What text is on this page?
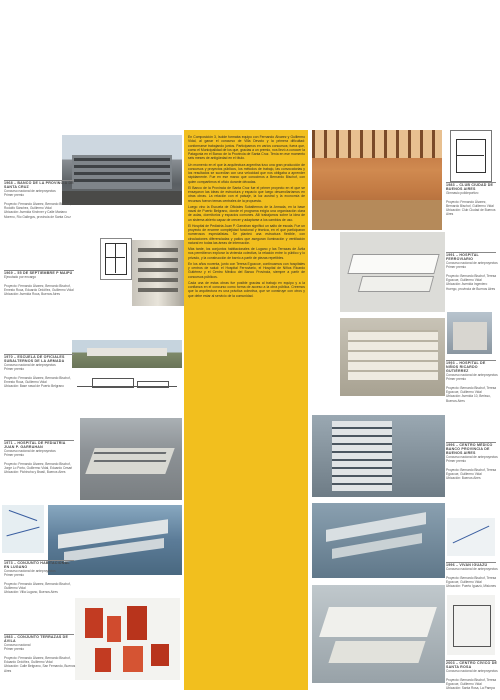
En Composición 3, Isolde formaba equipo con Fernando Álvarez y Guillermo Vidal, al ganar el concurso de Villa Devoto y la primera dificultad: conformarse trabajando juntos. Participamos en varios concursos; fuera que, como el Municipalidad de los que, gracias a un premio, nos llevó a conocer la Patagonia en el Banco de la Provincia de Santa Cruz. Tenía en ese momento seis meses de antigüedad en el título.

Un momento en el que la arquitectura argentina tuvo una gran producción de concursos y proyectos públicos, los métodos de trabajo, las convocatorias y los resultados se sucedían con una velocidad que nos obligaba a aprender rápidamente. Fue en ese marco que conocimos a Bernardo Bischof, con quien compartimos el oficio durante décadas.

El Banco de la Provincia de Santa Cruz fue el primer proyecto en el que se ensayaron las ideas de estructura y espacio que luego desarrollaríamos en otras obras. La relación con el paisaje, la luz austral y la economía de recursos fueron temas centrales de la propuesta.

Luego vino la Escuela de Oficiales Subalternos de la Armada, en la base naval de Puerto Belgrano, donde el programa exigía una organización clara de aulas, dormitorios y espacios comunes. Allí trabajamos sobre la idea de un sistema abierto capaz de crecer y adaptarse a los cambios de uso.

El Hospital de Pediatría Juan P. Garrahan significó un salto de escala. Fue un proyecto de enorme complejidad funcional y técnica, en el que participaron numerosos especialistas. Se planteó una estructura flexible, con circulaciones diferenciadas y patios que aseguran iluminación y ventilación natural en todas las áreas de internación.

Más tarde, los conjuntos habitacionales de Lugano y las Terrazas de Ávila nos permitieron explorar la vivienda colectiva, la relación entre lo público y lo privado, y la construcción de barrio a partir de piezas repetibles.

En los años noventa, junto con Teresa Egozcue, continuamos con hospitales y centros de salud: el Hospital Ferroviario, el Hospital de Niños Ricardo Gutiérrez y el Centro Médico del Banco Provincia, siempre a partir de concursos públicos.

Cada una de estas obras fue posible gracias al trabajo en equipo y a la confianza en el concurso como forma de acceso a la obra pública. Creemos que la arquitectura es una práctica colectiva, que se construye con otros y que debe estar al servicio de la comunidad.

1968 – BANCO DE LA PROVINCIA DE SANTA CRUZ
Concurso nacional de anteproyectos
Primer premio

Proyecto: Fernando Álvarez, Bernardo Bischof, Rodolfo Sánchez, Guillermo Vidal
Ubicación: Avenida Kirchner y Calle Mariano Moreno, Río Gallegos, provincia de Santa Cruz
1969 – 55 DE SEPTIEMBRE P MAIPÚ
Ejecutado por encargo

Proyecto: Fernando Álvarez, Bernardo Bischof, Ernesto Roca, Eduardo Ordóñez, Guillermo Vidal
Ubicación: Avenida Roca, Buenos Aires
1970 – ESCUELA DE OFICIALES SUBALTERNOS DE LA ARMADA
Concurso nacional de anteproyectos
Primer premio

Proyecto: Fernando Álvarez, Bernardo Bischof, Ernesto Roca, Guillermo Vidal
Ubicación: Base naval de Puerto Belgrano
1971 – HOSPITAL DE PEDIATRÍA JUAN P. GARRAHAN
Concurso nacional de anteproyectos
Primer premio

Proyecto: Fernando Álvarez, Bernardo Bischof, Jorge Lo Porto, Guillermo Vidal, Eduardo Cesari
Ubicación: Pichincha y Brasil, Buenos Aires
1973 – CONJUNTO HABITACIONAL EN LUGANO
Concurso nacional de anteproyectos
Primer premio

Proyecto: Fernando Álvarez, Bernardo Bischof, Guillermo Vidal
Ubicación: Villa Lugano, Buenos Aires
1983 – CONJUNTO TERRAZAS DE ÁVILA
Concurso nacional
Primer premio

Proyecto: Fernando Álvarez, Bernardo Bischof, Eduardo Ordóñez, Guillermo Vidal
Ubicación: Calle Belgrano, San Fernando, Buenos Aires
1983 – CLUB CIUDAD DE BUENOS AIRES
Gimnasio polideportivo

Proyecto: Fernando Álvarez, Bernardo Bischof, Guillermo Vidal
Ubicación: Club Ciudad de Buenos Aires
1991 – HOSPITAL FERROVIARIO
Concurso nacional de anteproyectos
Primer premio

Proyecto: Bernardo Bischof, Teresa Egozcue, Guillermo Vidal
Ubicación: Avenida Ingeniero Huergo, provincia de Buenos Aires
1993 – HOSPITAL DE NIÑOS RICARDO GUTIÉRREZ
Concurso nacional de anteproyectos
Primer premio

Proyecto: Bernardo Bischof, Teresa Egozcue, Guillermo Vidal
Ubicación: Avenida 10, Berisso, Buenos Aires
1996 – CENTRO MÉDICO BANCO PROVINCIA DE BUENOS AIRES
Concurso nacional de anteproyectos
Primer premio

Proyecto: Bernardo Bischof, Teresa Egozcue, Guillermo Vidal
Ubicación: Buenos Aires
1996 – VIVAN IGUAZÚ
Concurso nacional de anteproyectos

Proyecto: Bernardo Bischof, Teresa Egozcue, Guillermo Vidal
Ubicación: Puerto Iguazú, Misiones
2003 – CENTRO CÍVICO DE SANTA ROSA
Concurso nacional de anteproyectos

Proyecto: Bernardo Bischof, Teresa Egozcue, Guillermo Vidal
Ubicación: Santa Rosa, La Pampa
